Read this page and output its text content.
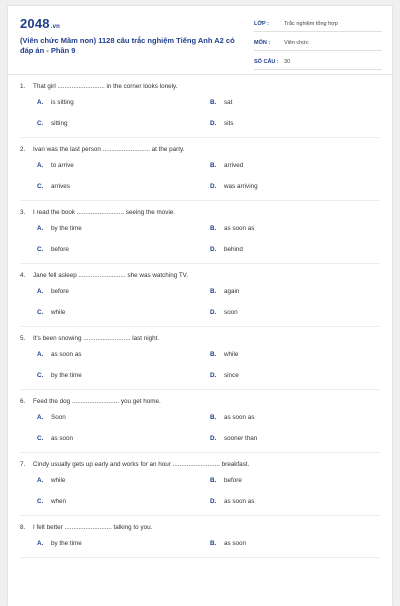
2048.vn
(Viên chức Mầm non) 1128 câu trắc nghiệm Tiếng Anh A2 có đáp án - Phần 9
LỚP :	Trắc nghiệm tổng hợp
MÔN :	Viên chức
SỐ CÂU : 30
1.	That girl ........................... in the corner looks lonely.
A.	is sitting	B.	sat
C.	sitting	D.	sits
2.	Ivan was the last person ........................... at the party.
A.	to arrive	B.	arrived
C.	arrives	D.	was arriving
3.	I read the book ........................... seeing the movie.
A.	by the time	B.	as soon as
C.	before	D.	behind
4.	Jane fell asleep ........................... she was watching TV.
A.	before	B.	again
C.	while	D.	soon
5.	It's been snowing ........................... last night.
A.	as soon as	B.	while
C.	by the time	D.	since
6.	Feed the dog ........................... you get home.
A.	Soon	B.	as soon as
C.	as soon	D.	sooner than
7.	Cindy usually gets up early and works for an hour ........................... breakfast.
A.	while	B.	before
C.	when	D.	as soon as
8.	I felt better ........................... talking to you.
A.	by the time	B.	as soon
